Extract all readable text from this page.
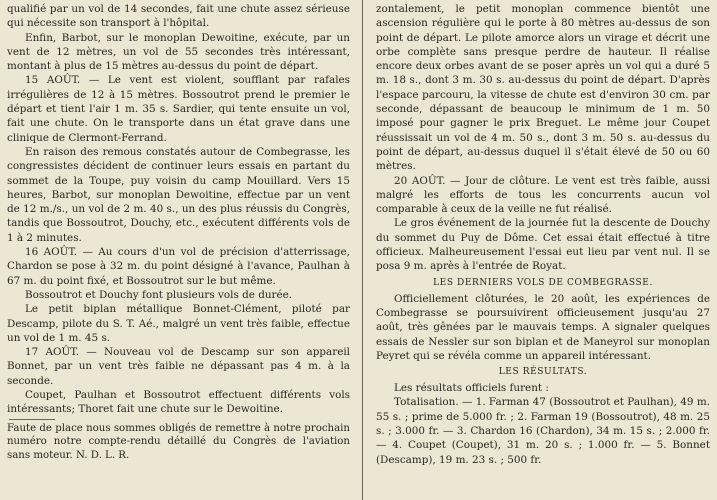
qualifié par un vol de 14 secondes, fait une chute assez sérieuse qui nécessite son transport à l'hôpital.

Enfin, Barbot, sur le monoplan Dewoitine, exécute, par un vent de 12 mètres, un vol de 55 secondes très intéressant, montant à plus de 15 mètres au-dessus du point de départ.

15 AOÛT. — Le vent est violent, soufflant par rafales irrégulières de 12 à 15 mètres. Bossoutrot prend le premier le départ et tient l'air 1 m. 35 s. Sardier, qui tente ensuite un vol, fait une chute. On le transporte dans un état grave dans une clinique de Clermont-Ferrand.

En raison des remous constatés autour de Combegrasse, les congressistes décident de continuer leurs essais en partant du sommet de la Toupe, puy voisin du camp Mouillard. Vers 15 heures, Barbot, sur monoplan Dewoitine, effectue par un vent de 12 m./s., un vol de 2 m. 40 s., un des plus réussis du Congrès, tandis que Bossoutrot, Douchy, etc., exécutent différents vols de 1 à 2 minutes.

16 AOÛT. — Au cours d'un vol de précision d'atterrissage, Chardon se pose à 32 m. du point désigné à l'avance, Paulhan à 67 m. du point fixé, et Bossoutrot sur le but même.

Bossoutrot et Douchy font plusieurs vols de durée.

Le petit biplan métallique Bonnet-Clément, piloté par Descamp, pilote du S. T. Aé., malgré un vent très faible, effectue un vol de 1 m. 45 s.

17 AOÛT. — Nouveau vol de Descamp sur son appareil Bonnet, par un vent très faible ne dépassant pas 4 m. à la seconde.

Coupet, Paulhan et Bossoutrot effectuent différents vols intéressants; Thoret fait une chute sur le Dewoitine.

Faute de place nous sommes obligés de remettre à notre prochain numéro notre compte-rendu détaillé du Congrès de l'aviation sans moteur. N. D. L. R.

zontalement, le petit monoplan commence bientôt une ascension régulière qui le porte à 80 mètres au-dessus de son point de départ. Le pilote amorce alors un virage et décrit une orbe complète sans presque perdre de hauteur. Il réalise encore deux orbes avant de se poser après un vol qui a duré 5 m. 18 s., dont 3 m. 30 s. au-dessus du point de départ. D'après l'espace parcouru, la vitesse de chute est d'environ 30 cm. par seconde, dépassant de beaucoup le minimum de 1 m. 50 imposé pour gagner le prix Breguet. Le même jour Coupet réussissait un vol de 4 m. 50 s., dont 3 m. 50 s. au-dessus du point de départ, au-dessus duquel il s'était élevé de 50 ou 60 mètres.

20 AOÛT. — Jour de clôture. Le vent est très faible, aussi malgré les efforts de tous les concurrents aucun vol comparable à ceux de la veille ne fut réalisé.

Le gros événement de la journée fut la descente de Douchy du sommet du Puy de Dôme. Cet essai était effectué à titre officieux. Malheureusement l'essai eut lieu par vent nul. Il se posa 9 m. après à l'entrée de Royat.

LES DERNIERS VOLS DE COMBEGRASSE.

Officiellement clôturées, le 20 août, les expériences de Combegrasse se poursuivirent officieusement jusqu'au 27 août, très gênées par le mauvais temps. A signaler quelques essais de Nessler sur son biplan et de Maneyrol sur monoplan Peyret qui se révéla comme un appareil intéressant.

LES RÉSULTATS.

Les résultats officiels furent :

Totalisation. — 1. Farman 47 (Bossoutrot et Paulhan), 49 m. 55 s. ; prime de 5.000 fr. ; 2. Farman 19 (Bossoutrot), 48 m. 25 s. ; 3.000 fr. — 3. Chardon 16 (Chardon), 34 m. 15 s. ; 2.000 fr. — 4. Coupet (Coupet), 31 m. 20 s. ; 1.000 fr. — 5. Bonnet (Descamp), 19 m. 23 s. ; 500 fr.
